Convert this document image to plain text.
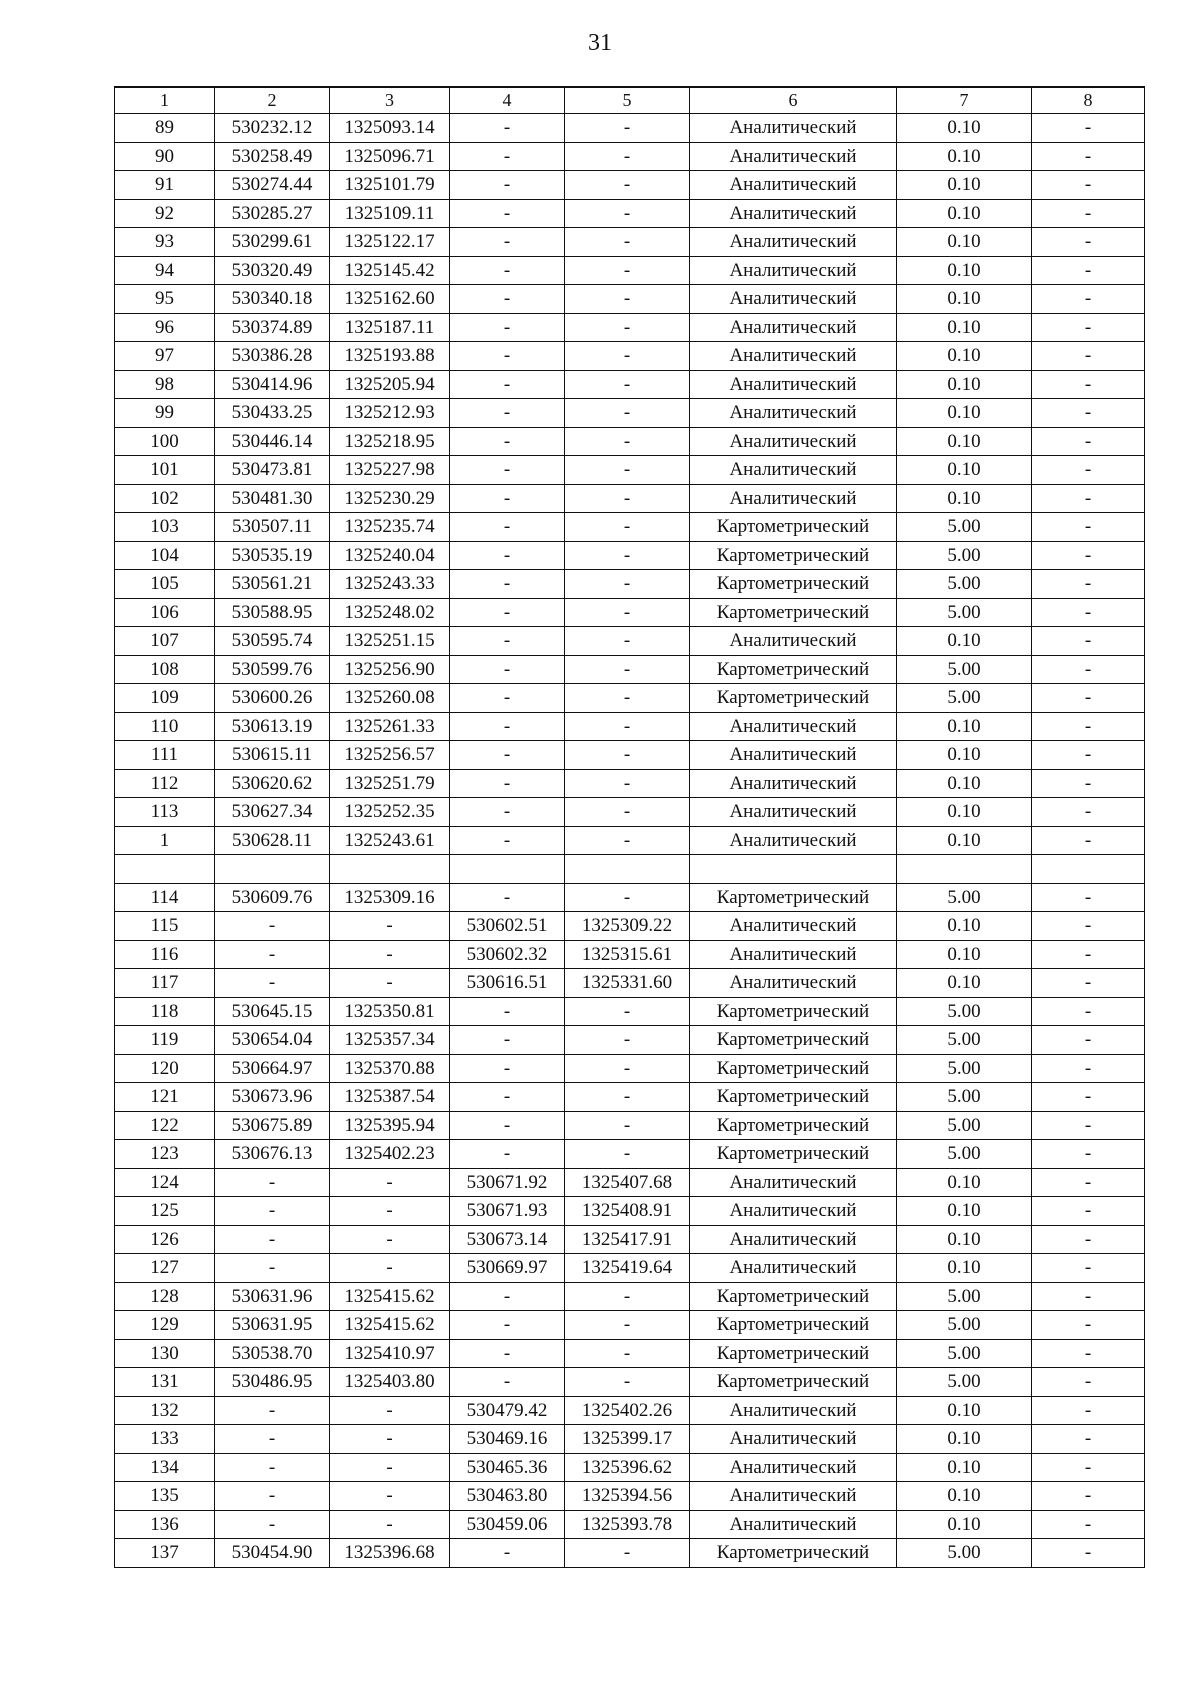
31
1	2	3	4	5	6	7	8
89	530232.12	1325093.14	-	-	Аналитический	0.10	-
90	530258.49	1325096.71	-	-	Аналитический	0.10	-
91	530274.44	1325101.79	-	-	Аналитический	0.10	-
92	530285.27	1325109.11	-	-	Аналитический	0.10	-
93	530299.61	1325122.17	-	-	Аналитический	0.10	-
94	530320.49	1325145.42	-	-	Аналитический	0.10	-
95	530340.18	1325162.60	-	-	Аналитический	0.10	-
96	530374.89	1325187.11	-	-	Аналитический	0.10	-
97	530386.28	1325193.88	-	-	Аналитический	0.10	-
98	530414.96	1325205.94	-	-	Аналитический	0.10	-
99	530433.25	1325212.93	-	-	Аналитический	0.10	-
100	530446.14	1325218.95	-	-	Аналитический	0.10	-
101	530473.81	1325227.98	-	-	Аналитический	0.10	-
102	530481.30	1325230.29	-	-	Аналитический	0.10	-
103	530507.11	1325235.74	-	-	Картометрический	5.00	-
104	530535.19	1325240.04	-	-	Картометрический	5.00	-
105	530561.21	1325243.33	-	-	Картометрический	5.00	-
106	530588.95	1325248.02	-	-	Картометрический	5.00	-
107	530595.74	1325251.15	-	-	Аналитический	0.10	-
108	530599.76	1325256.90	-	-	Картометрический	5.00	-
109	530600.26	1325260.08	-	-	Картометрический	5.00	-
110	530613.19	1325261.33	-	-	Аналитический	0.10	-
111	530615.11	1325256.57	-	-	Аналитический	0.10	-
112	530620.62	1325251.79	-	-	Аналитический	0.10	-
113	530627.34	1325252.35	-	-	Аналитический	0.10	-
1	530628.11	1325243.61	-	-	Аналитический	0.10	-

114	530609.76	1325309.16	-	-	Картометрический	5.00	-
115	-	-	530602.51	1325309.22	Аналитический	0.10	-
116	-	-	530602.32	1325315.61	Аналитический	0.10	-
117	-	-	530616.51	1325331.60	Аналитический	0.10	-
118	530645.15	1325350.81	-	-	Картометрический	5.00	-
119	530654.04	1325357.34	-	-	Картометрический	5.00	-
120	530664.97	1325370.88	-	-	Картометрический	5.00	-
121	530673.96	1325387.54	-	-	Картометрический	5.00	-
122	530675.89	1325395.94	-	-	Картометрический	5.00	-
123	530676.13	1325402.23	-	-	Картометрический	5.00	-
124	-	-	530671.92	1325407.68	Аналитический	0.10	-
125	-	-	530671.93	1325408.91	Аналитический	0.10	-
126	-	-	530673.14	1325417.91	Аналитический	0.10	-
127	-	-	530669.97	1325419.64	Аналитический	0.10	-
128	530631.96	1325415.62	-	-	Картометрический	5.00	-
129	530631.95	1325415.62	-	-	Картометрический	5.00	-
130	530538.70	1325410.97	-	-	Картометрический	5.00	-
131	530486.95	1325403.80	-	-	Картометрический	5.00	-
132	-	-	530479.42	1325402.26	Аналитический	0.10	-
133	-	-	530469.16	1325399.17	Аналитический	0.10	-
134	-	-	530465.36	1325396.62	Аналитический	0.10	-
135	-	-	530463.80	1325394.56	Аналитический	0.10	-
136	-	-	530459.06	1325393.78	Аналитический	0.10	-
137	530454.90	1325396.68	-	-	Картометрический	5.00	-
